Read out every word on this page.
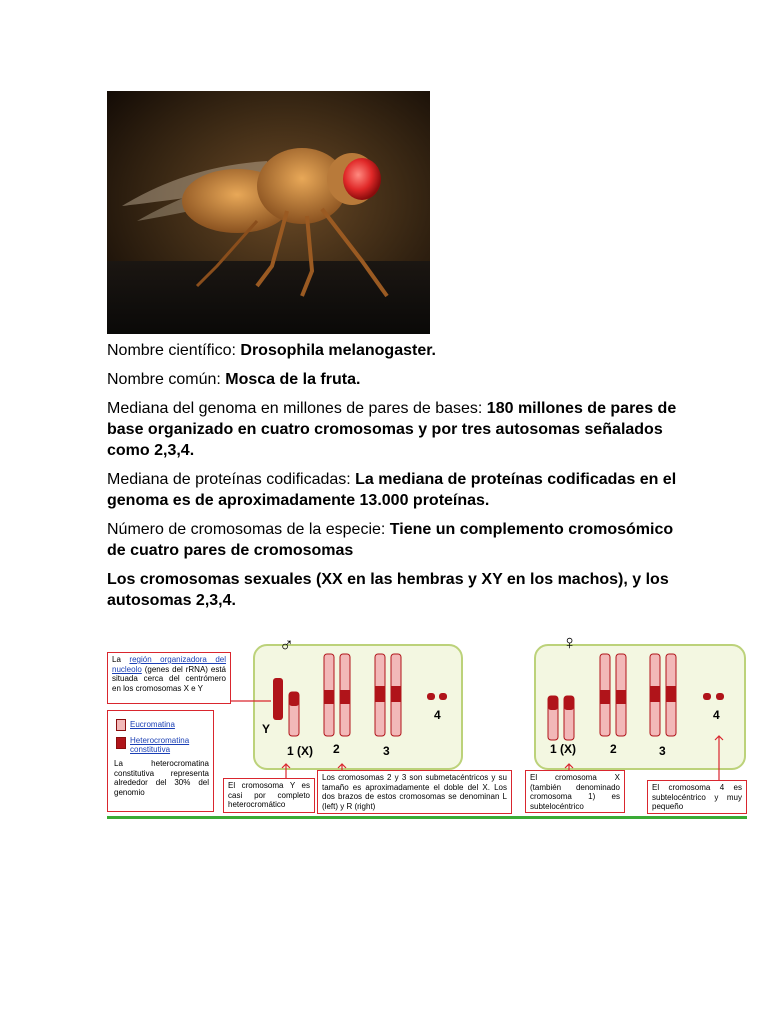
Nombre científico: Drosophila melanogaster.

Nombre común: Mosca de la fruta.

Mediana del genoma en millones de pares de bases: 180 millones de pares de base organizado en cuatro cromosomas y por tres autosomas señalados como 2,3,4.

Mediana de proteínas codificadas: La mediana de proteínas codificadas en el genoma es de aproximadamente 13.000 proteínas.

Número de cromosomas de la especie: Tiene un complemento cromosómico de cuatro pares de cromosomas

Los cromosomas sexuales (XX en las hembras y XY en los machos), y los autosomas 2,3,4.

♂	♀
Y
1 (X) 2	3
4
1 (X)	2	3
4
La región organizadora del nucleolo (genes del rRNA) está situada cerca del centrómero en los cromosomas X e Y
Eucromatina
Heterocromatina constitutiva
La heterocromatina constitutiva representa alrededor del 30% del genomio
El cromosoma Y es casi por completo heterocromático
Los cromosomas 2 y 3 son submetacéntricos y su tamaño es aproximadamente el doble del X. Los dos brazos de estos cromosomas se denominan L (left) y R (right)
El cromosoma X (también denominado cromosoma 1) es subtelocéntrico
El cromosoma 4 es subtelocéntrico y muy pequeño
